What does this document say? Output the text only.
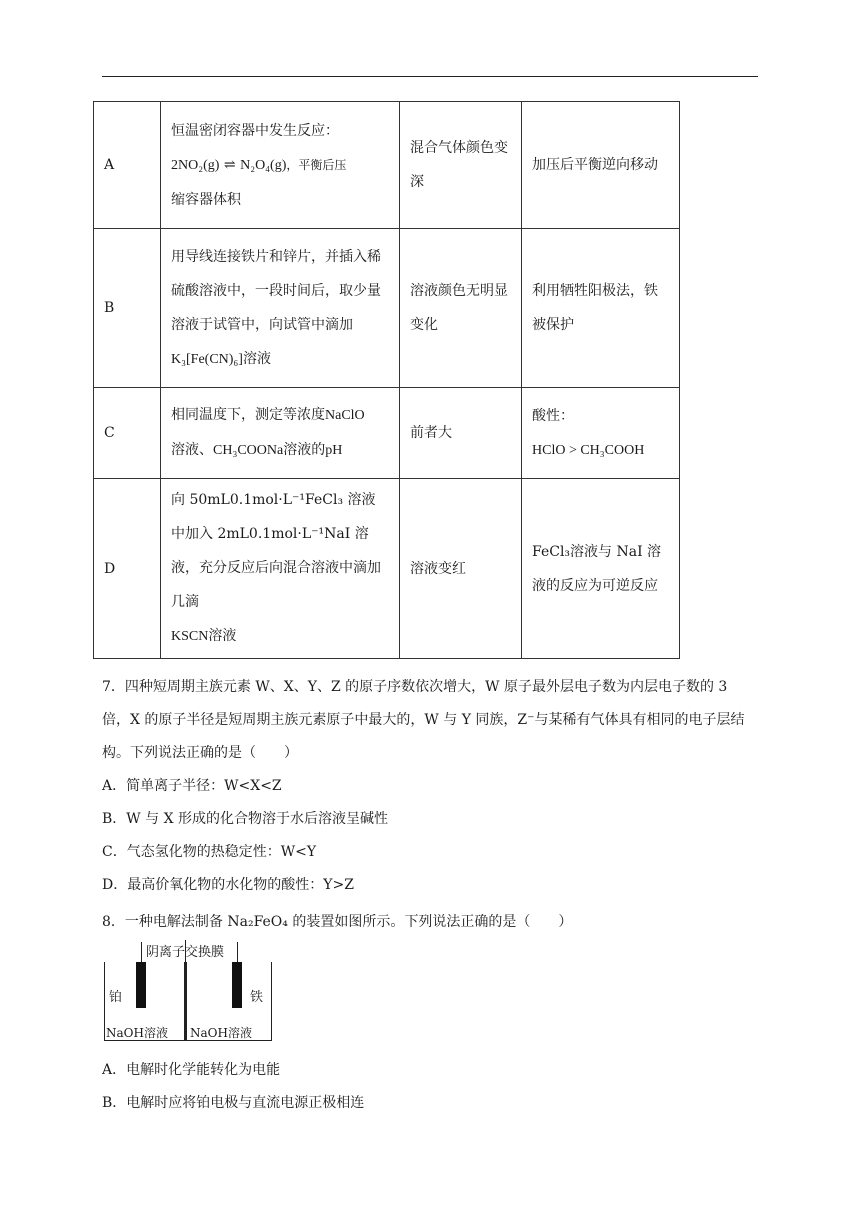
A	恒温密闭容器中发生反应：
2NO₂(g) ⇌ N₂O₄(g)，平衡后压
缩容器体积	混合气体颜色变深	加压后平衡逆向移动
B	用导线连接铁片和锌片，并插入稀硫酸溶液中，一段时间后，取少量溶液于试管中，向试管中滴加
K₃[Fe(CN)₆]溶液	溶液颜色无明显变化	利用牺牲阳极法，铁被保护
C	相同温度下，测定等浓度NaClO
溶液、CH₃COONa溶液的pH	前者大	酸性：
HClO > CH₃COOH
D	向 50mL0.1mol·L⁻¹FeCl₃ 溶液中加入 2mL0.1mol·L⁻¹NaI 溶液，充分反应后向混合溶液中滴加几滴
KSCN溶液	溶液变红	FeCl₃溶液与 NaI 溶液的反应为可逆反应

7．四种短周期主族元素 W、X、Y、Z 的原子序数依次增大，W 原子最外层电子数为内层电子数的 3 倍，X 的原子半径是短周期主族元素原子中最大的，W 与 Y 同族，Z⁻与某稀有气体具有相同的电子层结构。下列说法正确的是（　　）

A．简单离子半径：W<X<Z

B．W 与 X 形成的化合物溶于水后溶液呈碱性

C．气态氢化物的热稳定性：W<Y

D．最高价氧化物的水化物的酸性：Y>Z

8．一种电解法制备 Na₂FeO₄ 的装置如图所示。下列说法正确的是（　　）

阴离子交换膜
铂	铁
NaOH溶液 NaOH溶液

A．电解时化学能转化为电能

B．电解时应将铂电极与直流电源正极相连
